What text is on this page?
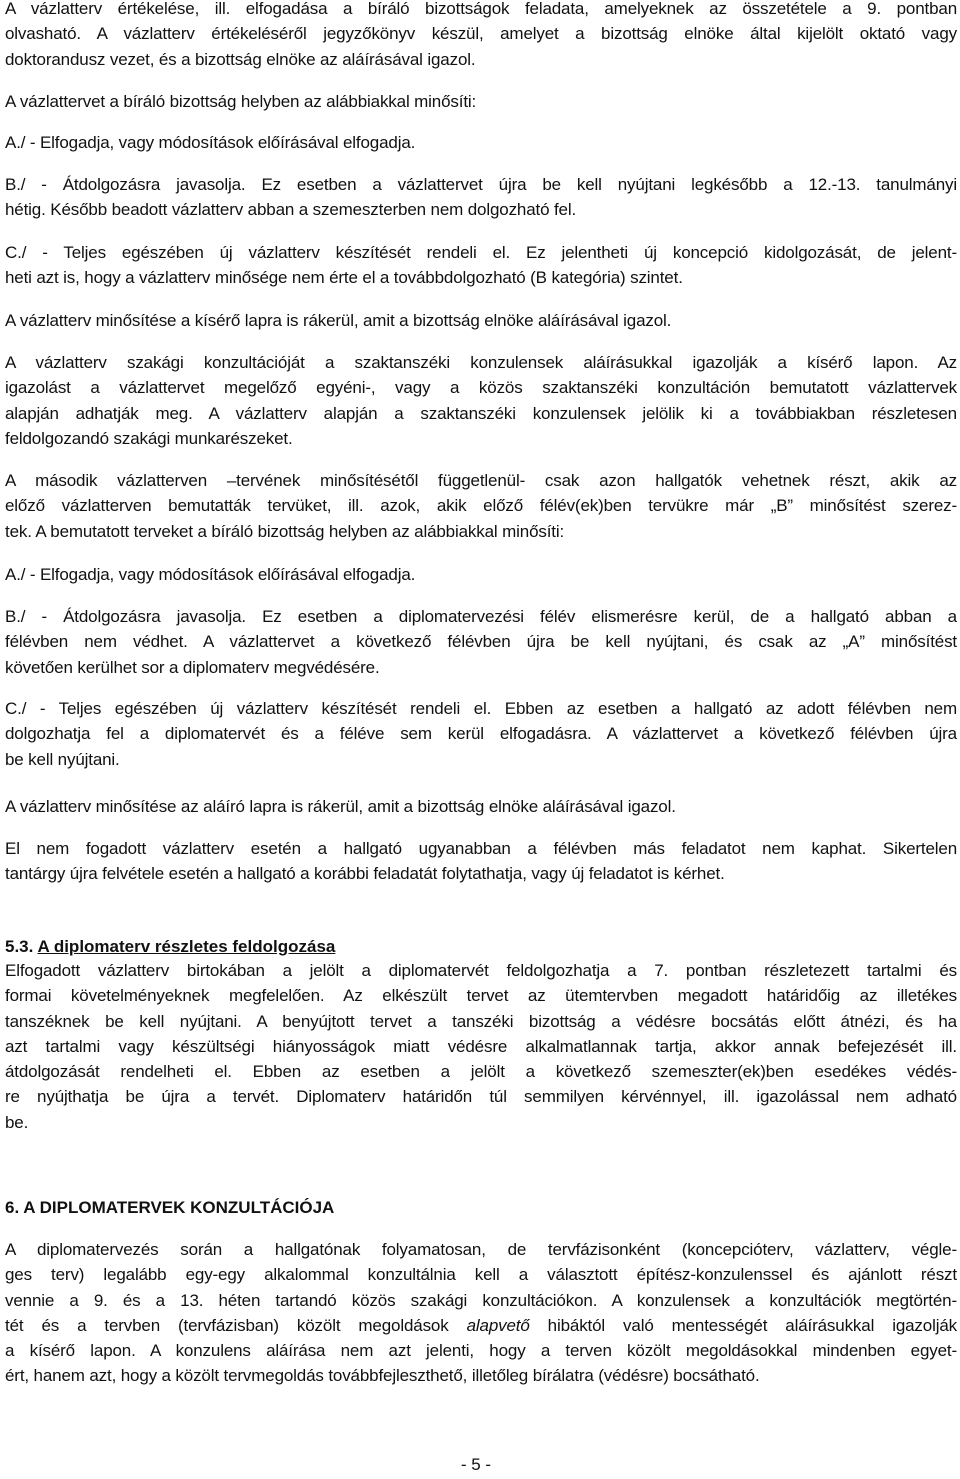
A vázlatterv értékelése, ill. elfogadása a bíráló bizottságok feladata, amelyeknek az összetétele a 9. pontban
olvasható. A vázlatterv értékeléséről jegyzőkönyv készül, amelyet a bizottság elnöke által kijelölt oktató vagy
doktorandusz vezet, és a bizottság elnöke az aláírásával igazol.
A vázlattervet a bíráló bizottság helyben az alábbiakkal minősíti:
A./ - Elfogadja, vagy módosítások előírásával elfogadja.
B./ - Átdolgozásra javasolja. Ez esetben a vázlattervet újra be kell nyújtani legkésőbb a 12.-13. tanulmányi
hétig. Később beadott vázlatterv abban a szemeszterben nem dolgozható fel.
C./ - Teljes egészében új vázlatterv készítését rendeli el. Ez jelentheti új koncepció kidolgozását, de jelent-
heti azt is, hogy a vázlatterv minősége nem érte el a továbbdolgozható (B kategória) szintet.
A vázlatterv minősítése a kísérő lapra is rákerül, amit a bizottság elnöke aláírásával igazol.
A vázlatterv szakági konzultációját a szaktanszéki konzulensek aláírásukkal igazolják a kísérő lapon. Az
igazolást a vázlattervet megelőző egyéni-, vagy a közös szaktanszéki konzultáción bemutatott vázlattervek
alapján adhatják meg. A vázlatterv alapján a szaktanszéki konzulensek jelölik ki a továbbiakban részletesen
feldolgozandó szakági munkarészeket.
A második vázlatterven –tervének minősítésétől függetlenül- csak azon hallgatók vehetnek részt, akik az
előző vázlatterven bemutatták tervüket, ill. azok, akik előző félév(ek)ben tervükre már „B” minősítést szerez-
tek. A bemutatott terveket a bíráló bizottság helyben az alábbiakkal minősíti:
A./ - Elfogadja, vagy módosítások előírásával elfogadja.
B./ - Átdolgozásra javasolja. Ez esetben a diplomatervezési félév elismerésre kerül, de a hallgató abban a
félévben nem védhet. A vázlattervet a következő félévben újra be kell nyújtani, és csak az „A” minősítést
követően kerülhet sor a diplomaterv megvédésére.
C./ - Teljes egészében új vázlatterv készítését rendeli el. Ebben az esetben a hallgató az adott félévben nem
dolgozhatja fel a diplomatervét és a féléve sem kerül elfogadásra. A vázlattervet a következő félévben újra
be kell nyújtani.
A vázlatterv minősítése az aláíró lapra is rákerül, amit a bizottság elnöke aláírásával igazol.
El nem fogadott vázlatterv esetén a hallgató ugyanabban a félévben más feladatot nem kaphat. Sikertelen
tantárgy újra felvétele esetén a hallgató a korábbi feladatát folytathatja, vagy új feladatot is kérhet.
5.3. A diplomaterv részletes feldolgozása
Elfogadott vázlatterv birtokában a jelölt a diplomatervét feldolgozhatja a 7. pontban részletezett tartalmi és
formai követelményeknek megfelelően. Az elkészült tervet az ütemtervben megadott határidőig az illetékes
tanszéknek be kell nyújtani. A benyújtott tervet a tanszéki bizottság a védésre bocsátás előtt átnézi, és ha
azt tartalmi vagy készültségi hiányosságok miatt védésre alkalmatlannak tartja, akkor annak befejezését ill.
átdolgozását rendelheti el. Ebben az esetben a jelölt a következő szemeszter(ek)ben esedékes védés-
re nyújthatja be újra a tervét. Diplomaterv határidőn túl semmilyen kérvénnyel, ill. igazolással nem adható
be.
6. A DIPLOMATERVEK KONZULTÁCIÓJA
A diplomatervezés során a hallgatónak folyamatosan, de tervfázisonként (koncepcióterv, vázlatterv, végle-
ges terv) legalább egy-egy alkalommal konzultálnia kell a választott építész-konzulenssel és ajánlott részt
vennie a 9. és a 13. héten tartandó közös szakági konzultációkon. A konzulensek a konzultációk megtörtén-
tét és a tervben (tervfázisban) közölt megoldások alapvető hibáktól való mentességét aláírásukkal igazolják
a kísérő lapon. A konzulens aláírása nem azt jelenti, hogy a terven közölt megoldásokkal mindenben egyet-
ért, hanem azt, hogy a közölt tervmegoldás továbbfejleszthető, illetőleg bírálatra (védésre) bocsátható.
- 5 -
